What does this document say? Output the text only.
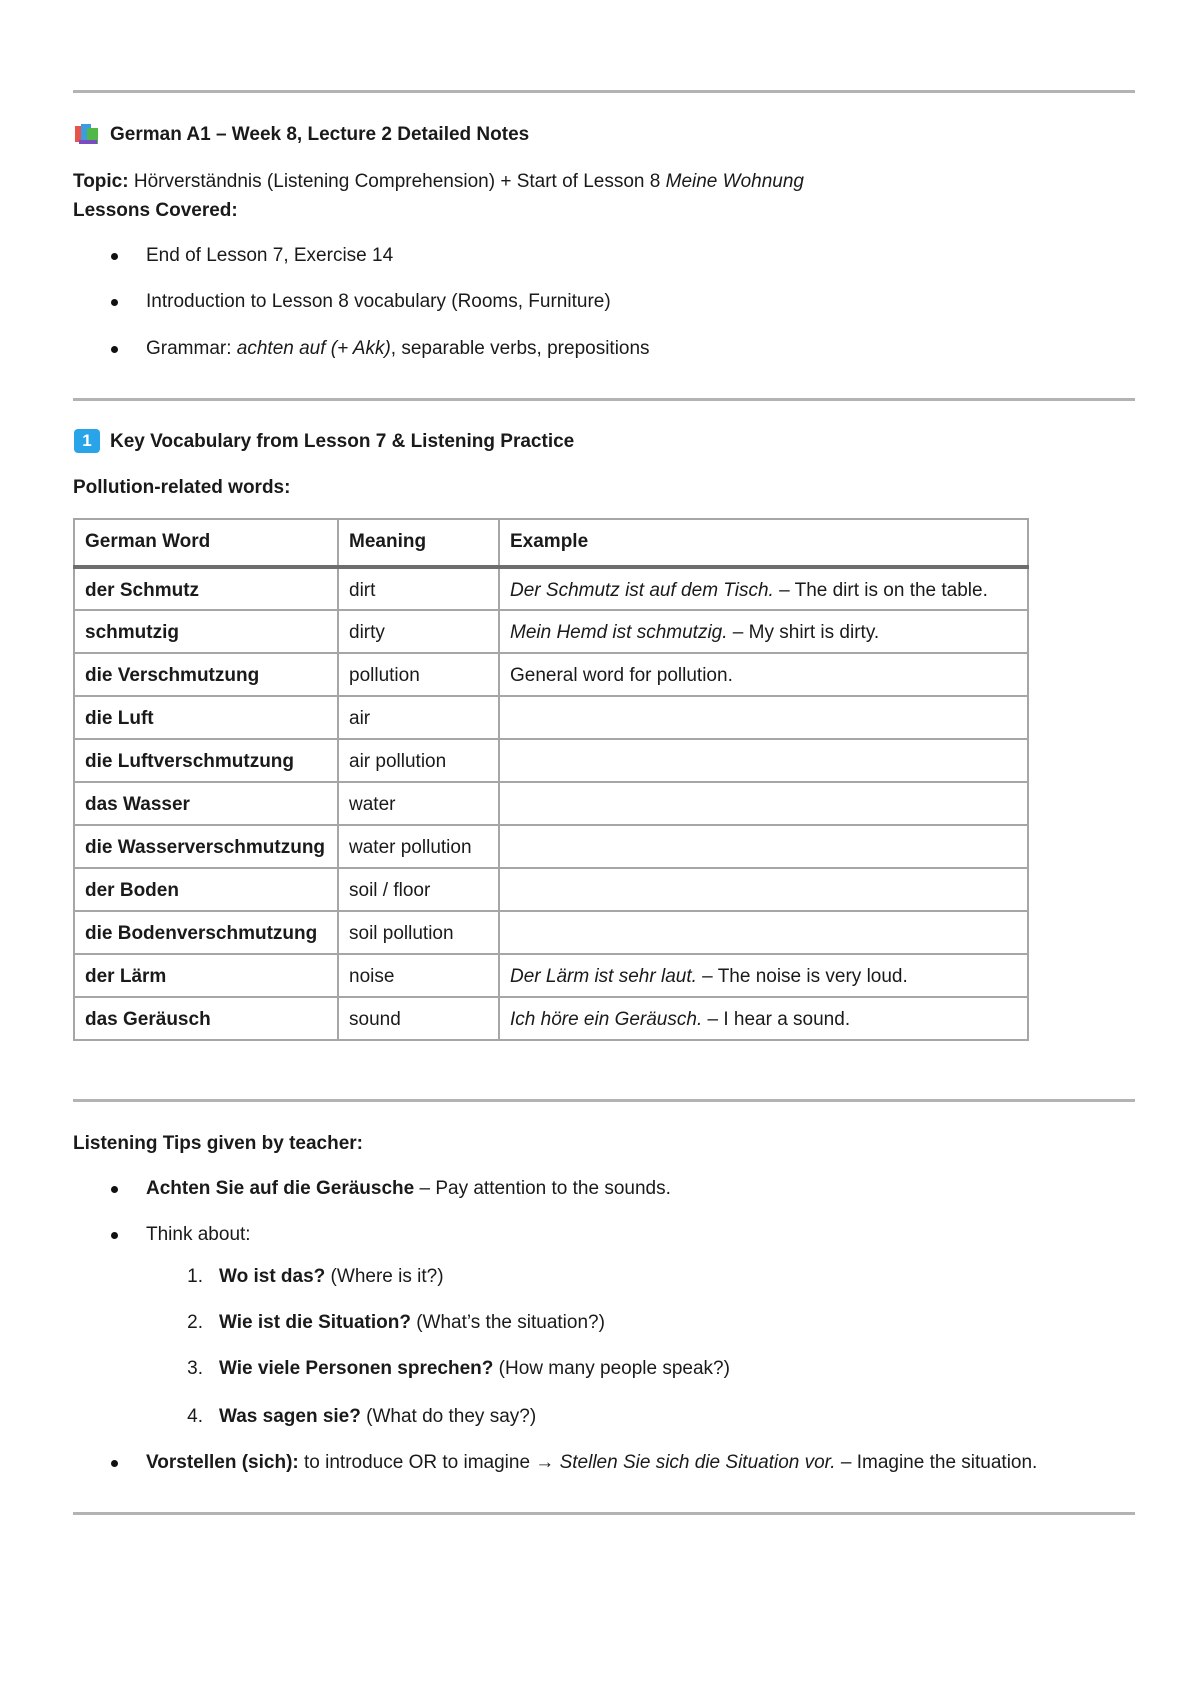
German A1 – Week 8, Lecture 2 Detailed Notes
Topic: Hörverständnis (Listening Comprehension) + Start of Lesson 8 Meine Wohnung
Lessons Covered:
End of Lesson 7, Exercise 14
Introduction to Lesson 8 vocabulary (Rooms, Furniture)
Grammar: achten auf (+ Akk), separable verbs, prepositions
1 Key Vocabulary from Lesson 7 & Listening Practice
Pollution-related words:
German Word	Meaning	Example
der Schmutz	dirt	Der Schmutz ist auf dem Tisch. – The dirt is on the table.
schmutzig	dirty	Mein Hemd ist schmutzig. – My shirt is dirty.
die Verschmutzung	pollution	General word for pollution.
die Luft	air	
die Luftverschmutzung	air pollution	
das Wasser	water	
die Wasserverschmutzung	water pollution	
der Boden	soil / floor	
die Bodenverschmutzung	soil pollution	
der Lärm	noise	Der Lärm ist sehr laut. – The noise is very loud.
das Geräusch	sound	Ich höre ein Geräusch. – I hear a sound.
Listening Tips given by teacher:
Achten Sie auf die Geräusche – Pay attention to the sounds.
Think about:
1. Wo ist das? (Where is it?)
2. Wie ist die Situation? (What’s the situation?)
3. Wie viele Personen sprechen? (How many people speak?)
4. Was sagen sie? (What do they say?)
Vorstellen (sich): to introduce OR to imagine → Stellen Sie sich die Situation vor. – Imagine the situation.
